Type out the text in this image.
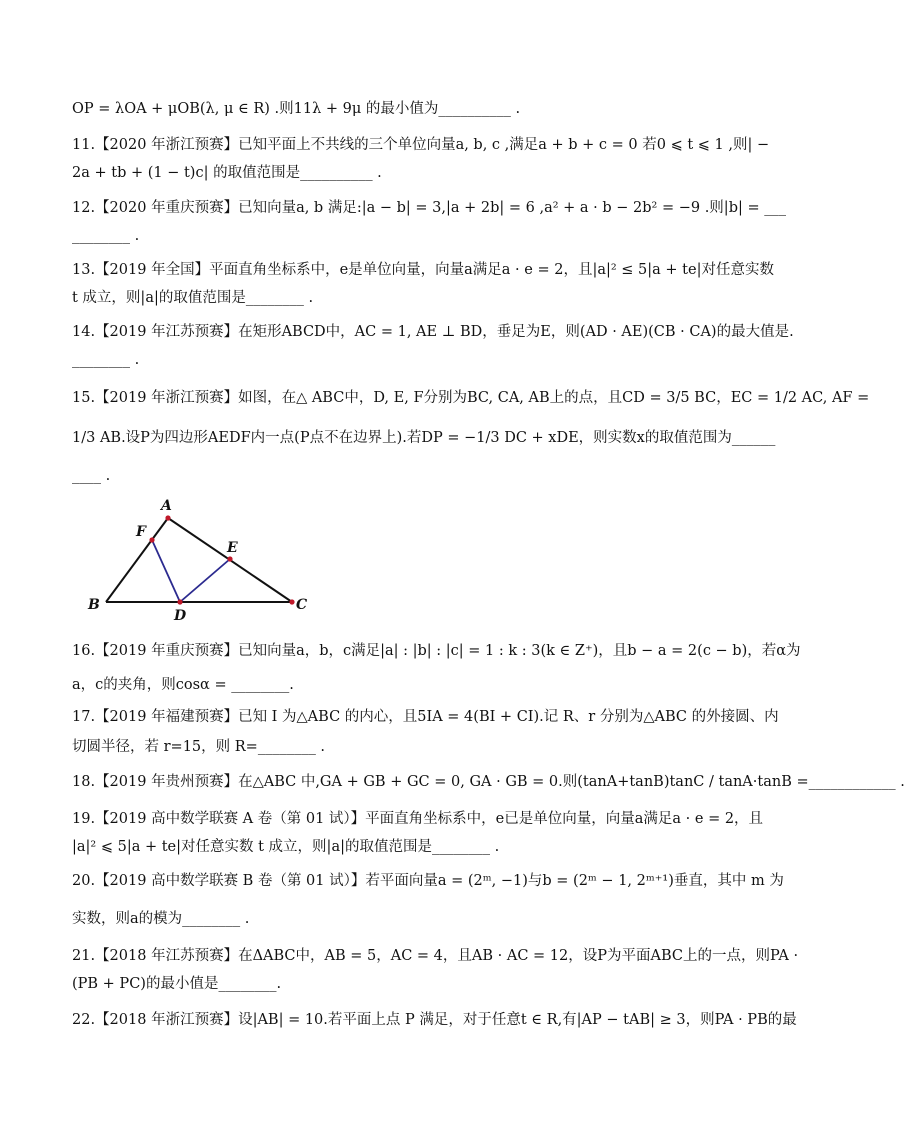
OP = λOA + μOB(λ, μ ∈ R) .则11λ + 9μ 的最小值为__________ .
11.【2020 年浙江预赛】已知平面上不共线的三个单位向量a, b, c ,满足a + b + c = 0 若0 ⩽ t ⩽ 1 ,则| −
2a + tb + (1 − t)c| 的取值范围是__________ .
12.【2020 年重庆预赛】已知向量a, b 满足:|a − b| = 3,|a + 2b| = 6 ,a² + a · b − 2b² = −9 .则|b| = ___
________ .
13.【2019 年全国】平面直角坐标系中，e是单位向量，向量a满足a · e = 2，且|a|² ≤ 5|a + te|对任意实数
t 成立，则|a|的取值范围是________ .
14.【2019 年江苏预赛】在矩形ABCD中，AC = 1, AE ⊥ BD，垂足为E，则(AD · AE)(CB · CA)的最大值是.
________ .
15.【2019 年浙江预赛】如图，在△ ABC中，D, E, F分别为BC, CA, AB上的点，且CD = 3/5 BC，EC = 1/2 AC, AF =
1/3 AB.设P为四边形AEDF内一点(P点不在边界上).若DP = −1/3 DC + xDE，则实数x的取值范围为______
____ .
A
F
E
B
D
C
16.【2019 年重庆预赛】已知向量a，b，c满足|a| : |b| : |c| = 1 : k : 3(k ∈ Z⁺)，且b − a = 2(c − b)，若α为
a，c的夹角，则cosα = ________.
17.【2019 年福建预赛】已知 I 为△ABC 的内心，且5IA = 4(BI + CI).记 R、r 分别为△ABC 的外接圆、内
切圆半径，若 r=15，则 R=________ .
18.【2019 年贵州预赛】在△ABC 中,GA + GB + GC = 0, GA · GB = 0.则(tanA+tanB)tanC / tanA·tanB =____________ .
19.【2019 高中数学联赛 A 卷（第 01 试）】平面直角坐标系中，e已是单位向量，向量a满足a · e = 2，且
|a|² ⩽ 5|a + te|对任意实数 t 成立，则|a|的取值范围是________ .
20.【2019 高中数学联赛 B 卷（第 01 试）】若平面向量a = (2ᵐ, −1)与b = (2ᵐ − 1, 2ᵐ⁺¹)垂直，其中 m 为
实数，则a的模为________ .
21.【2018 年江苏预赛】在ΔABC中，AB = 5，AC = 4，且AB · AC = 12，设P为平面ABC上的一点，则PA ·
(PB + PC)的最小值是________.
22.【2018 年浙江预赛】设|AB| = 10.若平面上点 P 满足，对于任意t ∈ R,有|AP − tAB| ≥ 3，则PA · PB的最
